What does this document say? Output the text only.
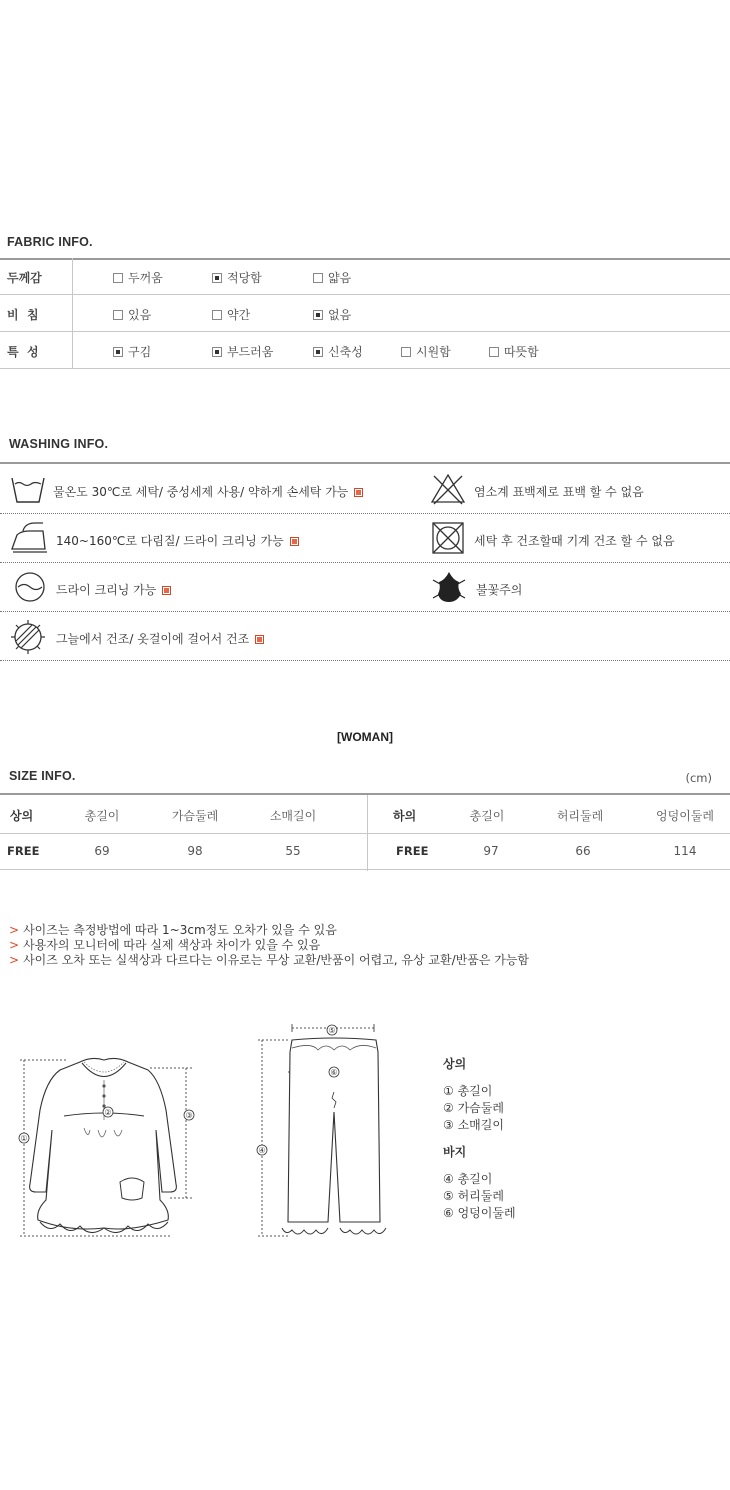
FABRIC INFO.
두께감	두꺼움	적당함	얇음
비  침	있음	약간	없음
특  성	구김	부드러움	신축성	시원함	따뜻함
WASHING INFO.
물온도 30℃로 세탁/ 중성세제 사용/ 약하게 손세탁 가능	염소계 표백제로 표백 할 수 없음
140~160℃로 다림질/ 드라이 크리닝 가능	세탁 후 건조할때 기계 건조 할 수 없음
드라이 크리닝 가능	불꽃주의
그늘에서 건조/ 옷걸이에 걸어서 건조
[WOMAN]
SIZE INFO.	(cm)
상의	총길이	가슴둘레	소매길이	하의	총길이	허리둘레	엉덩이둘레
FREE	69	98	55	FREE	97	66	114
> 사이즈는 측정방법에 따라 1~3cm정도 오차가 있을 수 있음
> 사용자의 모니터에 따라 실제 색상과 차이가 있을 수 있음
> 사이즈 오차 또는 실색상과 다르다는 이유로는 무상 교환/반품이 어렵고, 유상 교환/반품은 가능함
①
②	③
⑤
⑥
④
상의
① 총길이
② 가슴둘레
③ 소매길이
바지
④ 총길이
⑤ 허리둘레
⑥ 엉덩이둘레
